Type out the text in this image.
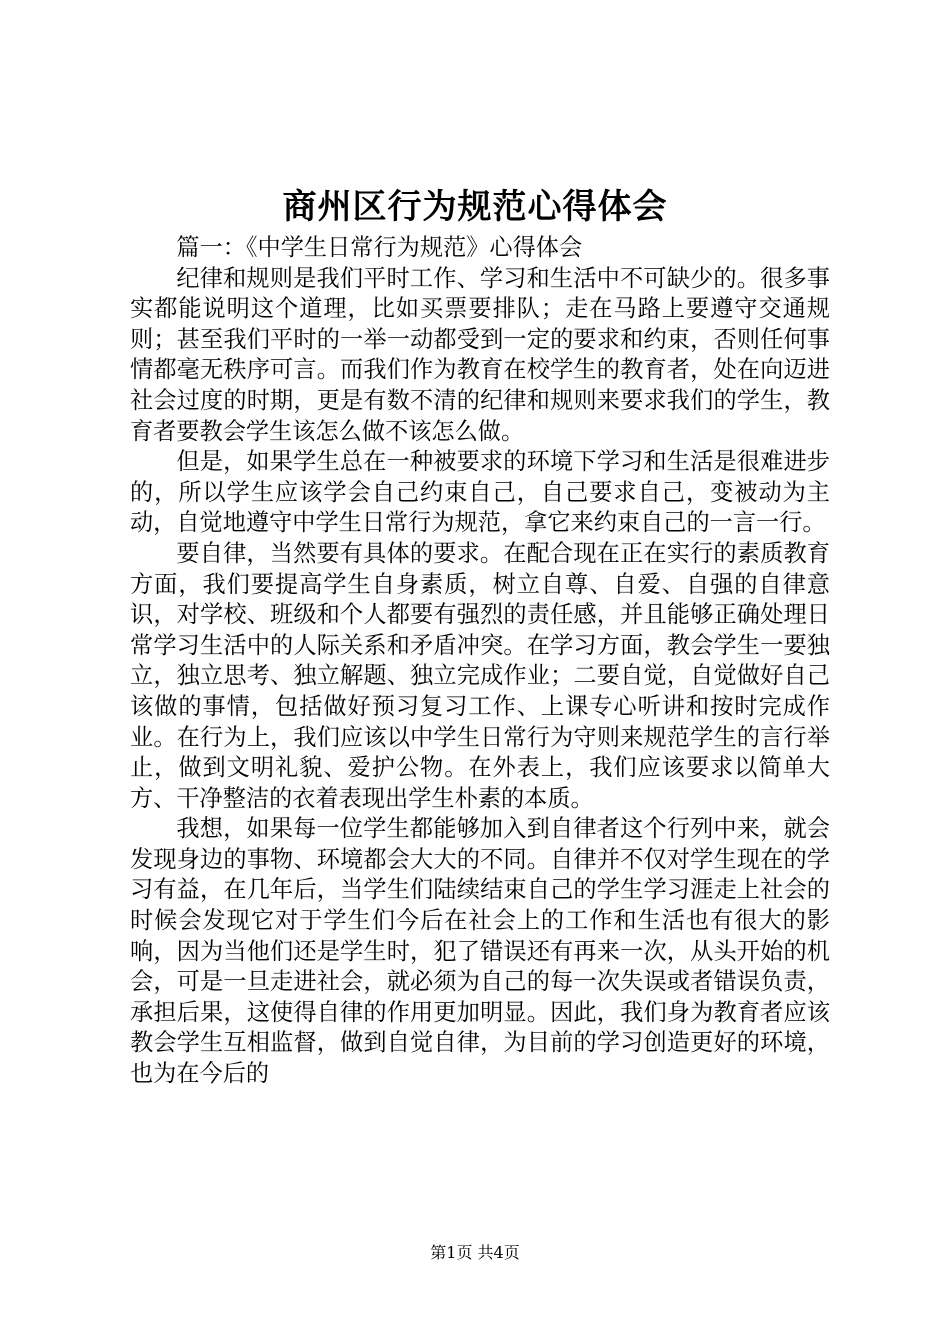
商州区行为规范心得体会

篇一：《中学生日常行为规范》心得体会

纪律和规则是我们平时工作、学习和生活中不可缺少的。很多事实都能说明这个道理，比如买票要排队；走在马路上要遵守交通规则；甚至我们平时的一举一动都受到一定的要求和约束，否则任何事情都毫无秩序可言。而我们作为教育在校学生的教育者，处在向迈进社会过度的时期，更是有数不清的纪律和规则来要求我们的学生，教育者要教会学生该怎么做不该怎么做。

但是，如果学生总在一种被要求的环境下学习和生活是很难进步的，所以学生应该学会自己约束自己，自己要求自己，变被动为主动，自觉地遵守中学生日常行为规范，拿它来约束自己的一言一行。

要自律，当然要有具体的要求。在配合现在正在实行的素质教育方面，我们要提高学生自身素质，树立自尊、自爱、自强的自律意识，对学校、班级和个人都要有强烈的责任感，并且能够正确处理日常学习生活中的人际关系和矛盾冲突。在学习方面，教会学生一要独立，独立思考、独立解题、独立完成作业；二要自觉，自觉做好自己该做的事情，包括做好预习复习工作、上课专心听讲和按时完成作业。在行为上，我们应该以中学生日常行为守则来规范学生的言行举止，做到文明礼貌、爱护公物。在外表上，我们应该要求以简单大方、干净整洁的衣着表现出学生朴素的本质。

我想，如果每一位学生都能够加入到自律者这个行列中来，就会发现身边的事物、环境都会大大的不同。自律并不仅对学生现在的学习有益，在几年后，当学生们陆续结束自己的学生学习涯走上社会的时候会发现它对于学生们今后在社会上的工作和生活也有很大的影响，因为当他们还是学生时，犯了错误还有再来一次，从头开始的机会，可是一旦走进社会，就必须为自己的每一次失误或者错误负责，承担后果，这使得自律的作用更加明显。因此，我们身为教育者应该教会学生互相监督，做到自觉自律，为目前的学习创造更好的环境，也为在今后的

第1页 共4页
